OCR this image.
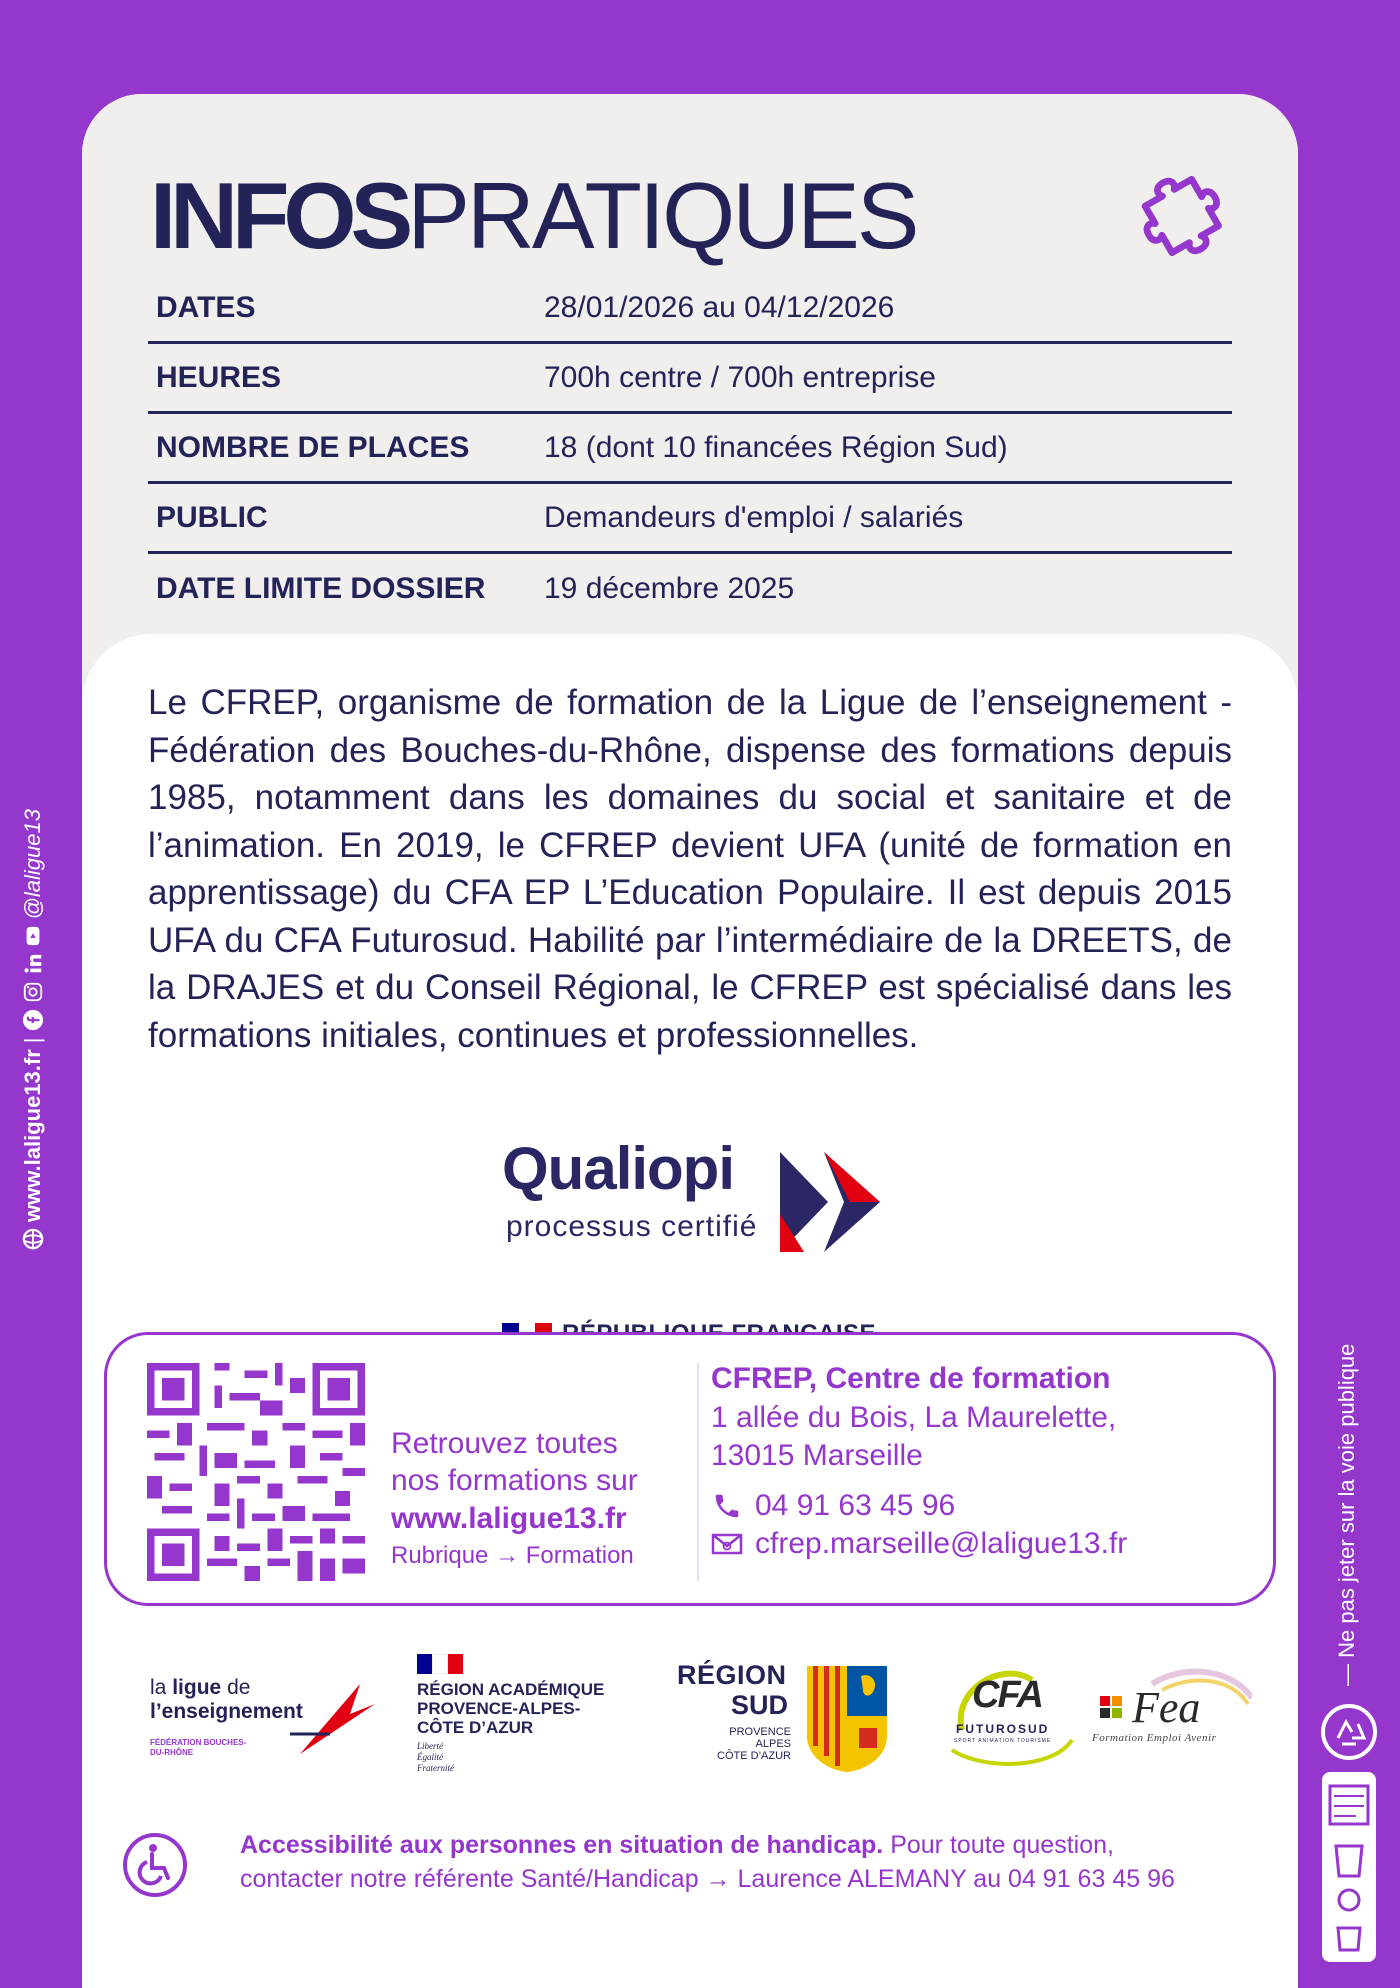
www.laligue13.fr
|
@laligue13
— Ne pas jeter sur la voie publique
INFOSPRATIQUES
DATES	28/01/2026 au 04/12/2026
HEURES	700h centre / 700h entreprise
NOMBRE DE PLACES	18 (dont 10 financées Région Sud)
PUBLIC	Demandeurs d'emploi / salariés
DATE LIMITE DOSSIER	19 décembre 2025

Le CFREP, organisme de formation de la Ligue de l’enseignement - Fédération des Bouches-du-Rhône, dispense des formations depuis 1985, notamment dans les domaines du social et sanitaire et de l’animation. En 2019, le CFREP devient UFA (unité de formation en apprentissage) du CFA EP L’Education Populaire. Il est depuis 2015 UFA du CFA Futurosud. Habilité par l’intermédiaire de la DREETS, de la DRAJES et du Conseil Régional, le CFREP est spécialisé dans les formations initiales, continues et professionnelles.

Qualiopi
processus certifié
Retrouvez toutes
nos formations sur
www.laligue13.fr
Rubrique → Formation
CFREP, Centre de formation
1 allée du Bois, La Maurelette,
13015 Marseille
04 91 63 45 96
cfrep.marseille@laligue13.fr
la ligue de
l’enseignement
FÉDÉRATION BOUCHES-DU-RHÔNE
RÉGION ACADÉMIQUE
PROVENCE-ALPES-
CÔTE D’AZUR
Liberté
Égalité
Fraternité
RÉGION
SUD
PROVENCE
ALPES
CÔTE D’AZUR
CFA
FUTUROSUD
SPORT ANIMATION TOURISME
Fea
Formation Emploi Avenir
Accessibilité aux personnes en situation de handicap. Pour toute question,
contacter notre référente Santé/Handicap → Laurence ALEMANY au 04 91 63 45 96
